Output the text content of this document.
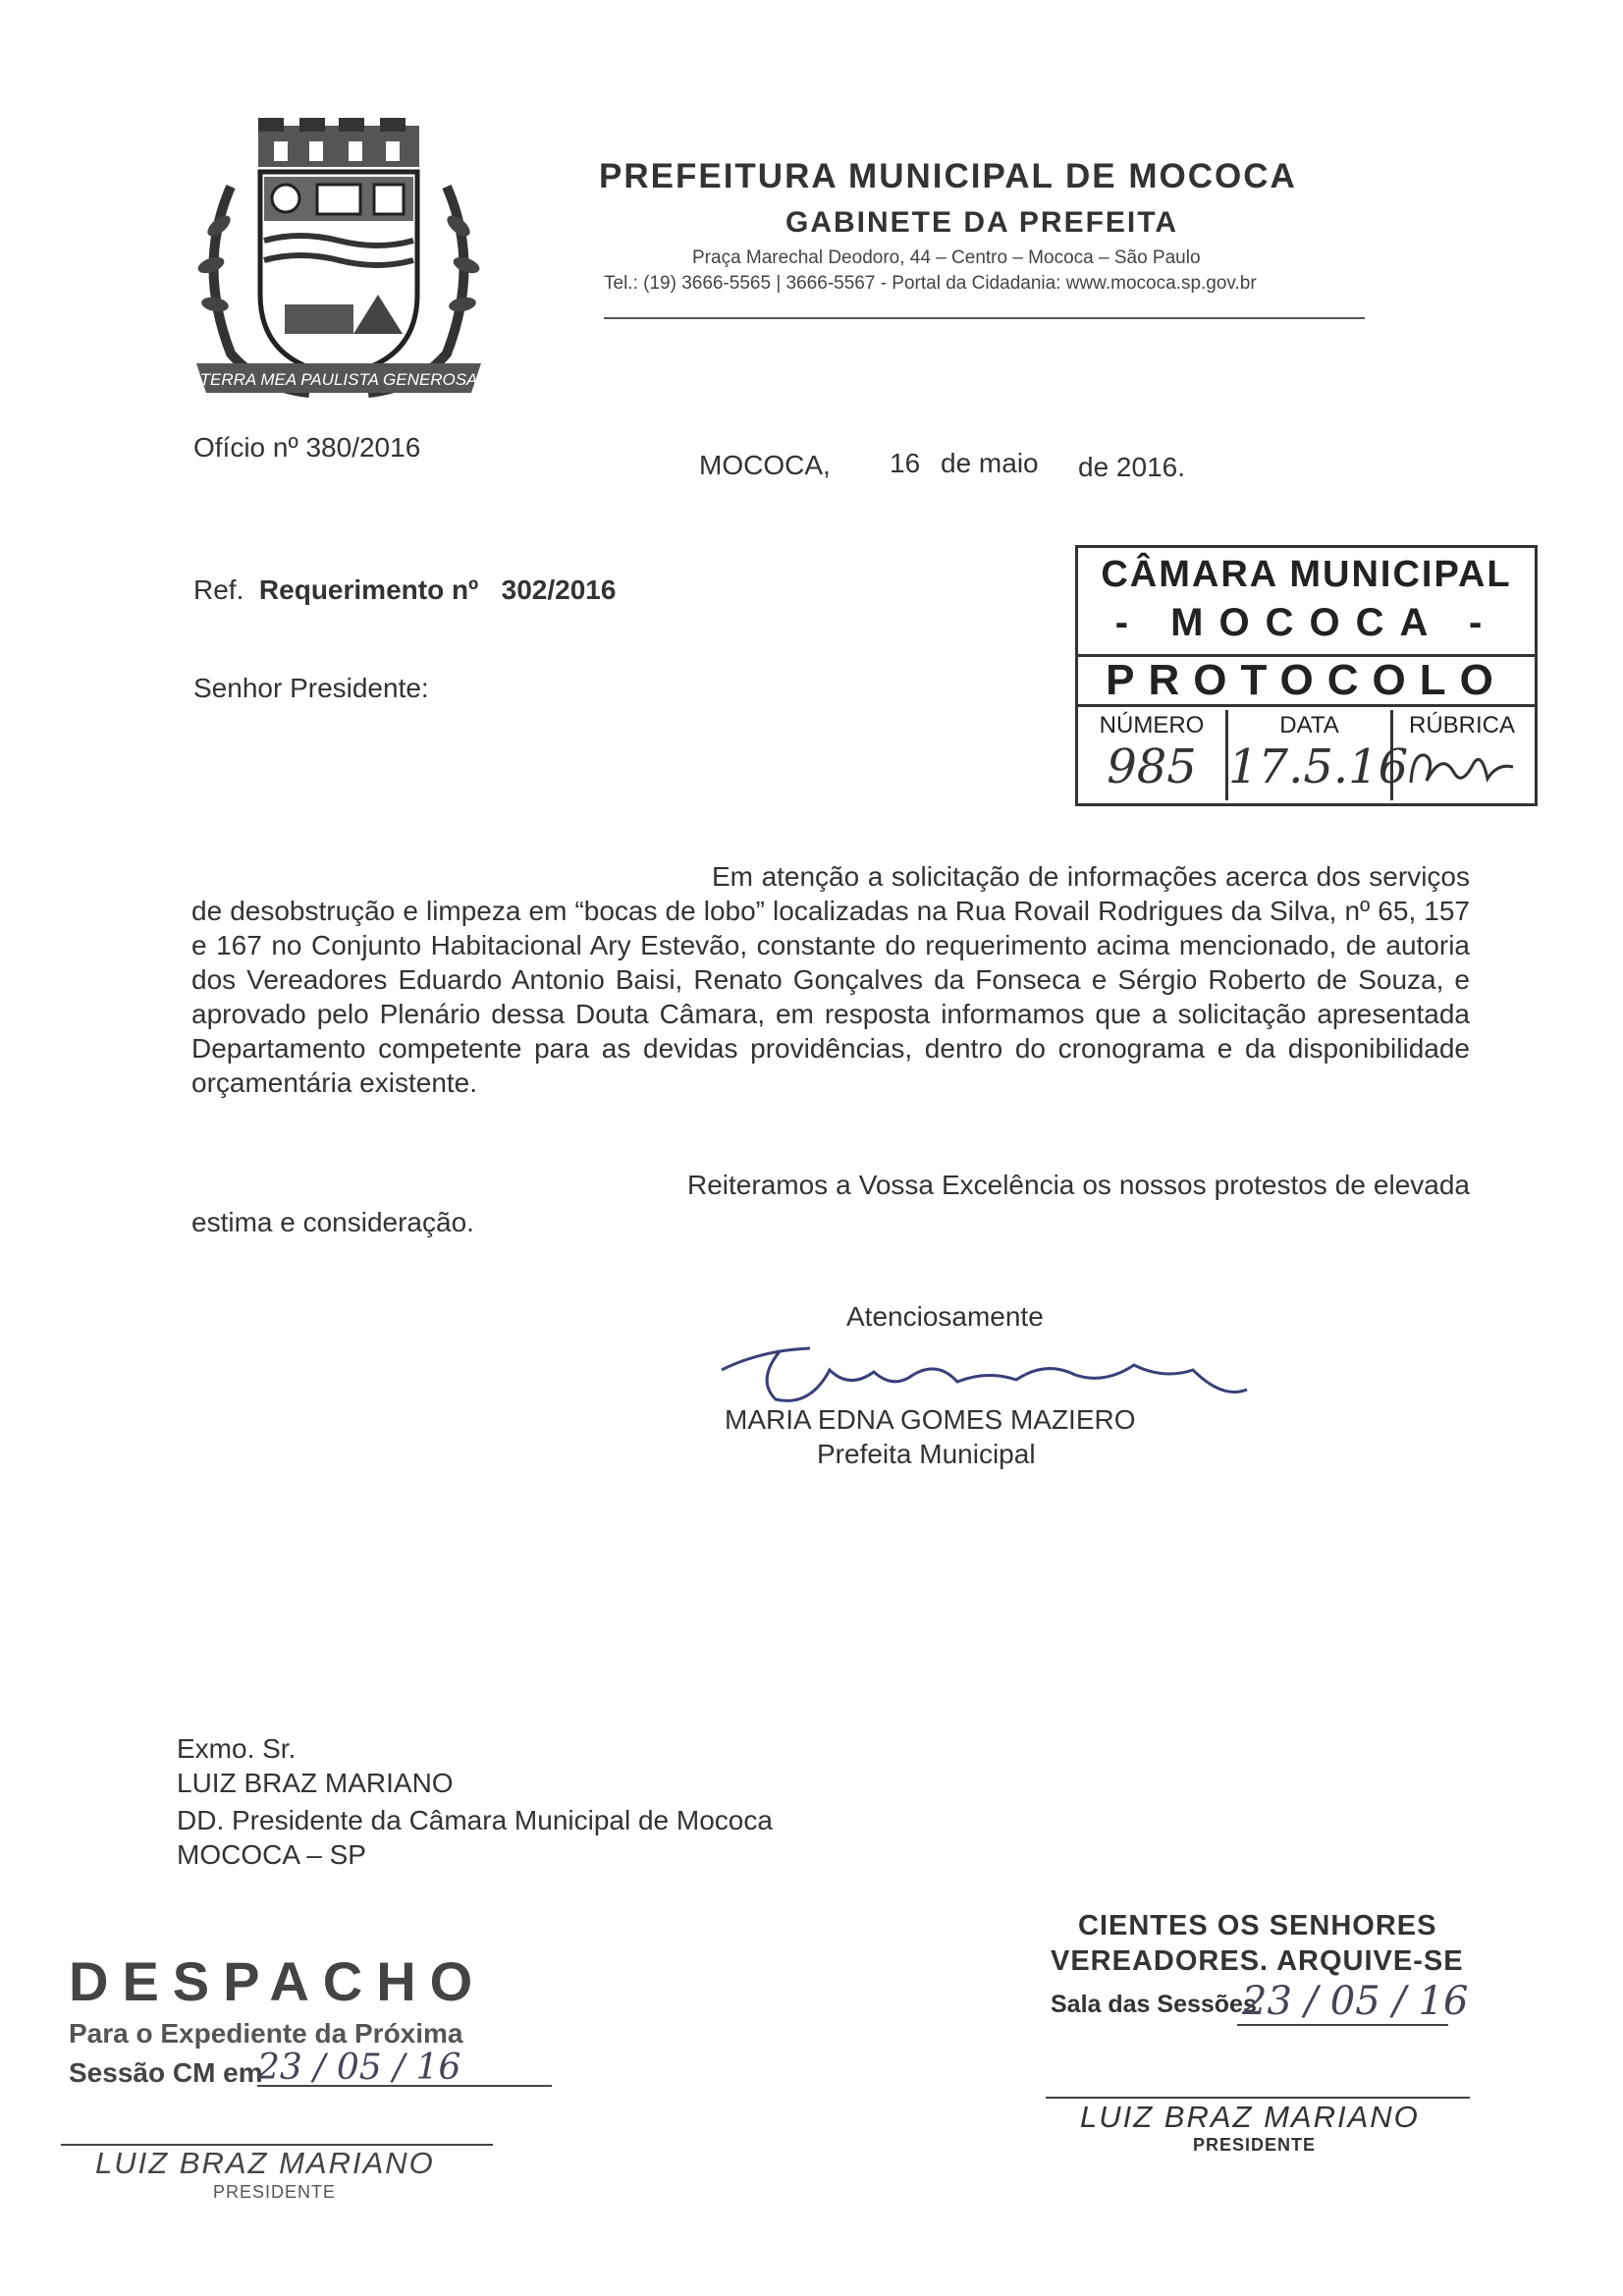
TERRA MEA PAULISTA GENEROSA
PREFEITURA MUNICIPAL DE MOCOCA
GABINETE DA PREFEITA
Praça Marechal Deodoro, 44 – Centro – Mococa – São Paulo
Tel.: (19) 3666-5565 | 3666-5567 - Portal da Cidadania: www.mococa.sp.gov.br
Ofício nº 380/2016
MOCOCA, 16 de maio de 2016.
Ref. Requerimento nº 302/2016
Senhor Presidente:
CÂMARA MUNICIPAL
- MOCOCA -
PROTOCOLO
NÚMERO
985
DATA
17.5.16
RÚBRICA
Em atenção a solicitação de informações acerca dos serviços de desobstrução e limpeza em “bocas de lobo” localizadas na Rua Rovail Rodrigues da Silva, nº 65, 157 e 167 no Conjunto Habitacional Ary Estevão, constante do requerimento acima mencionado, de autoria dos Vereadores Eduardo Antonio Baisi, Renato Gonçalves da Fonseca e Sérgio Roberto de Souza, e aprovado pelo Plenário dessa Douta Câmara, em resposta informamos que a solicitação apresentada Departamento competente para as devidas providências, dentro do cronograma e da disponibilidade orçamentária existente.
Reiteramos a Vossa Excelência os nossos protestos de elevada estima e consideração.
Atenciosamente
MARIA EDNA GOMES MAZIERO
Prefeita Municipal
Exmo. Sr.
LUIZ BRAZ MARIANO
DD. Presidente da Câmara Municipal de Mococa
MOCOCA – SP
DESPACHO
Para o Expediente da Próxima
Sessão CM em
23 / 05 / 16
LUIZ BRAZ MARIANO
PRESIDENTE
CIENTES OS SENHORES
VEREADORES. ARQUIVE-SE
Sala das Sessões
23 / 05 / 16
LUIZ BRAZ MARIANO
PRESIDENTE
